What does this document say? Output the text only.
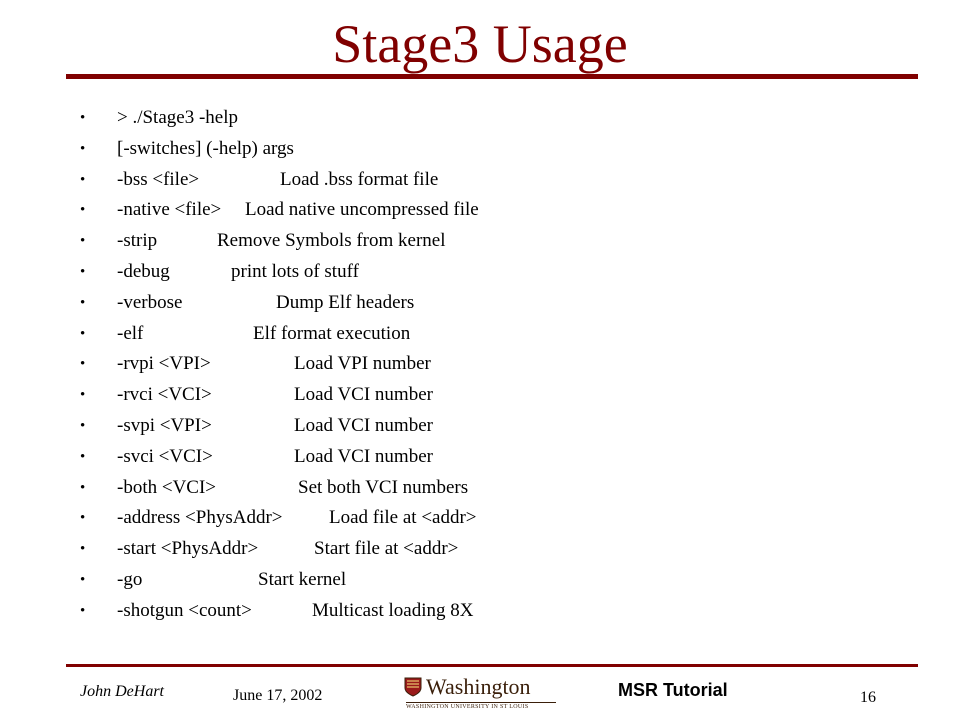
Stage3 Usage
• > ./Stage3 -help
• [-switches] (-help) args
• -bss <file>	Load .bss format file
• -native <file> Load native uncompressed file
• -strip	Remove Symbols from kernel
• -debug	print lots of stuff
• -verbose	Dump Elf headers
• -elf	Elf format execution
• -rvpi <VPI>	Load VPI number
• -rvci <VCI>	Load VCI number
• -svpi <VPI>	Load VCI number
• -svci <VCI>	Load VCI number
• -both <VCI>	Set both VCI numbers
• -address <PhysAddr> Load file at <addr>
• -start <PhysAddr>	Start file at <addr>
• -go	Start kernel
• -shotgun <count>	Multicast loading 8X
John DeHart	June 17, 2002	Washington
WASHINGTON UNIVERSITY IN ST LOUIS
MSR Tutorial	16
